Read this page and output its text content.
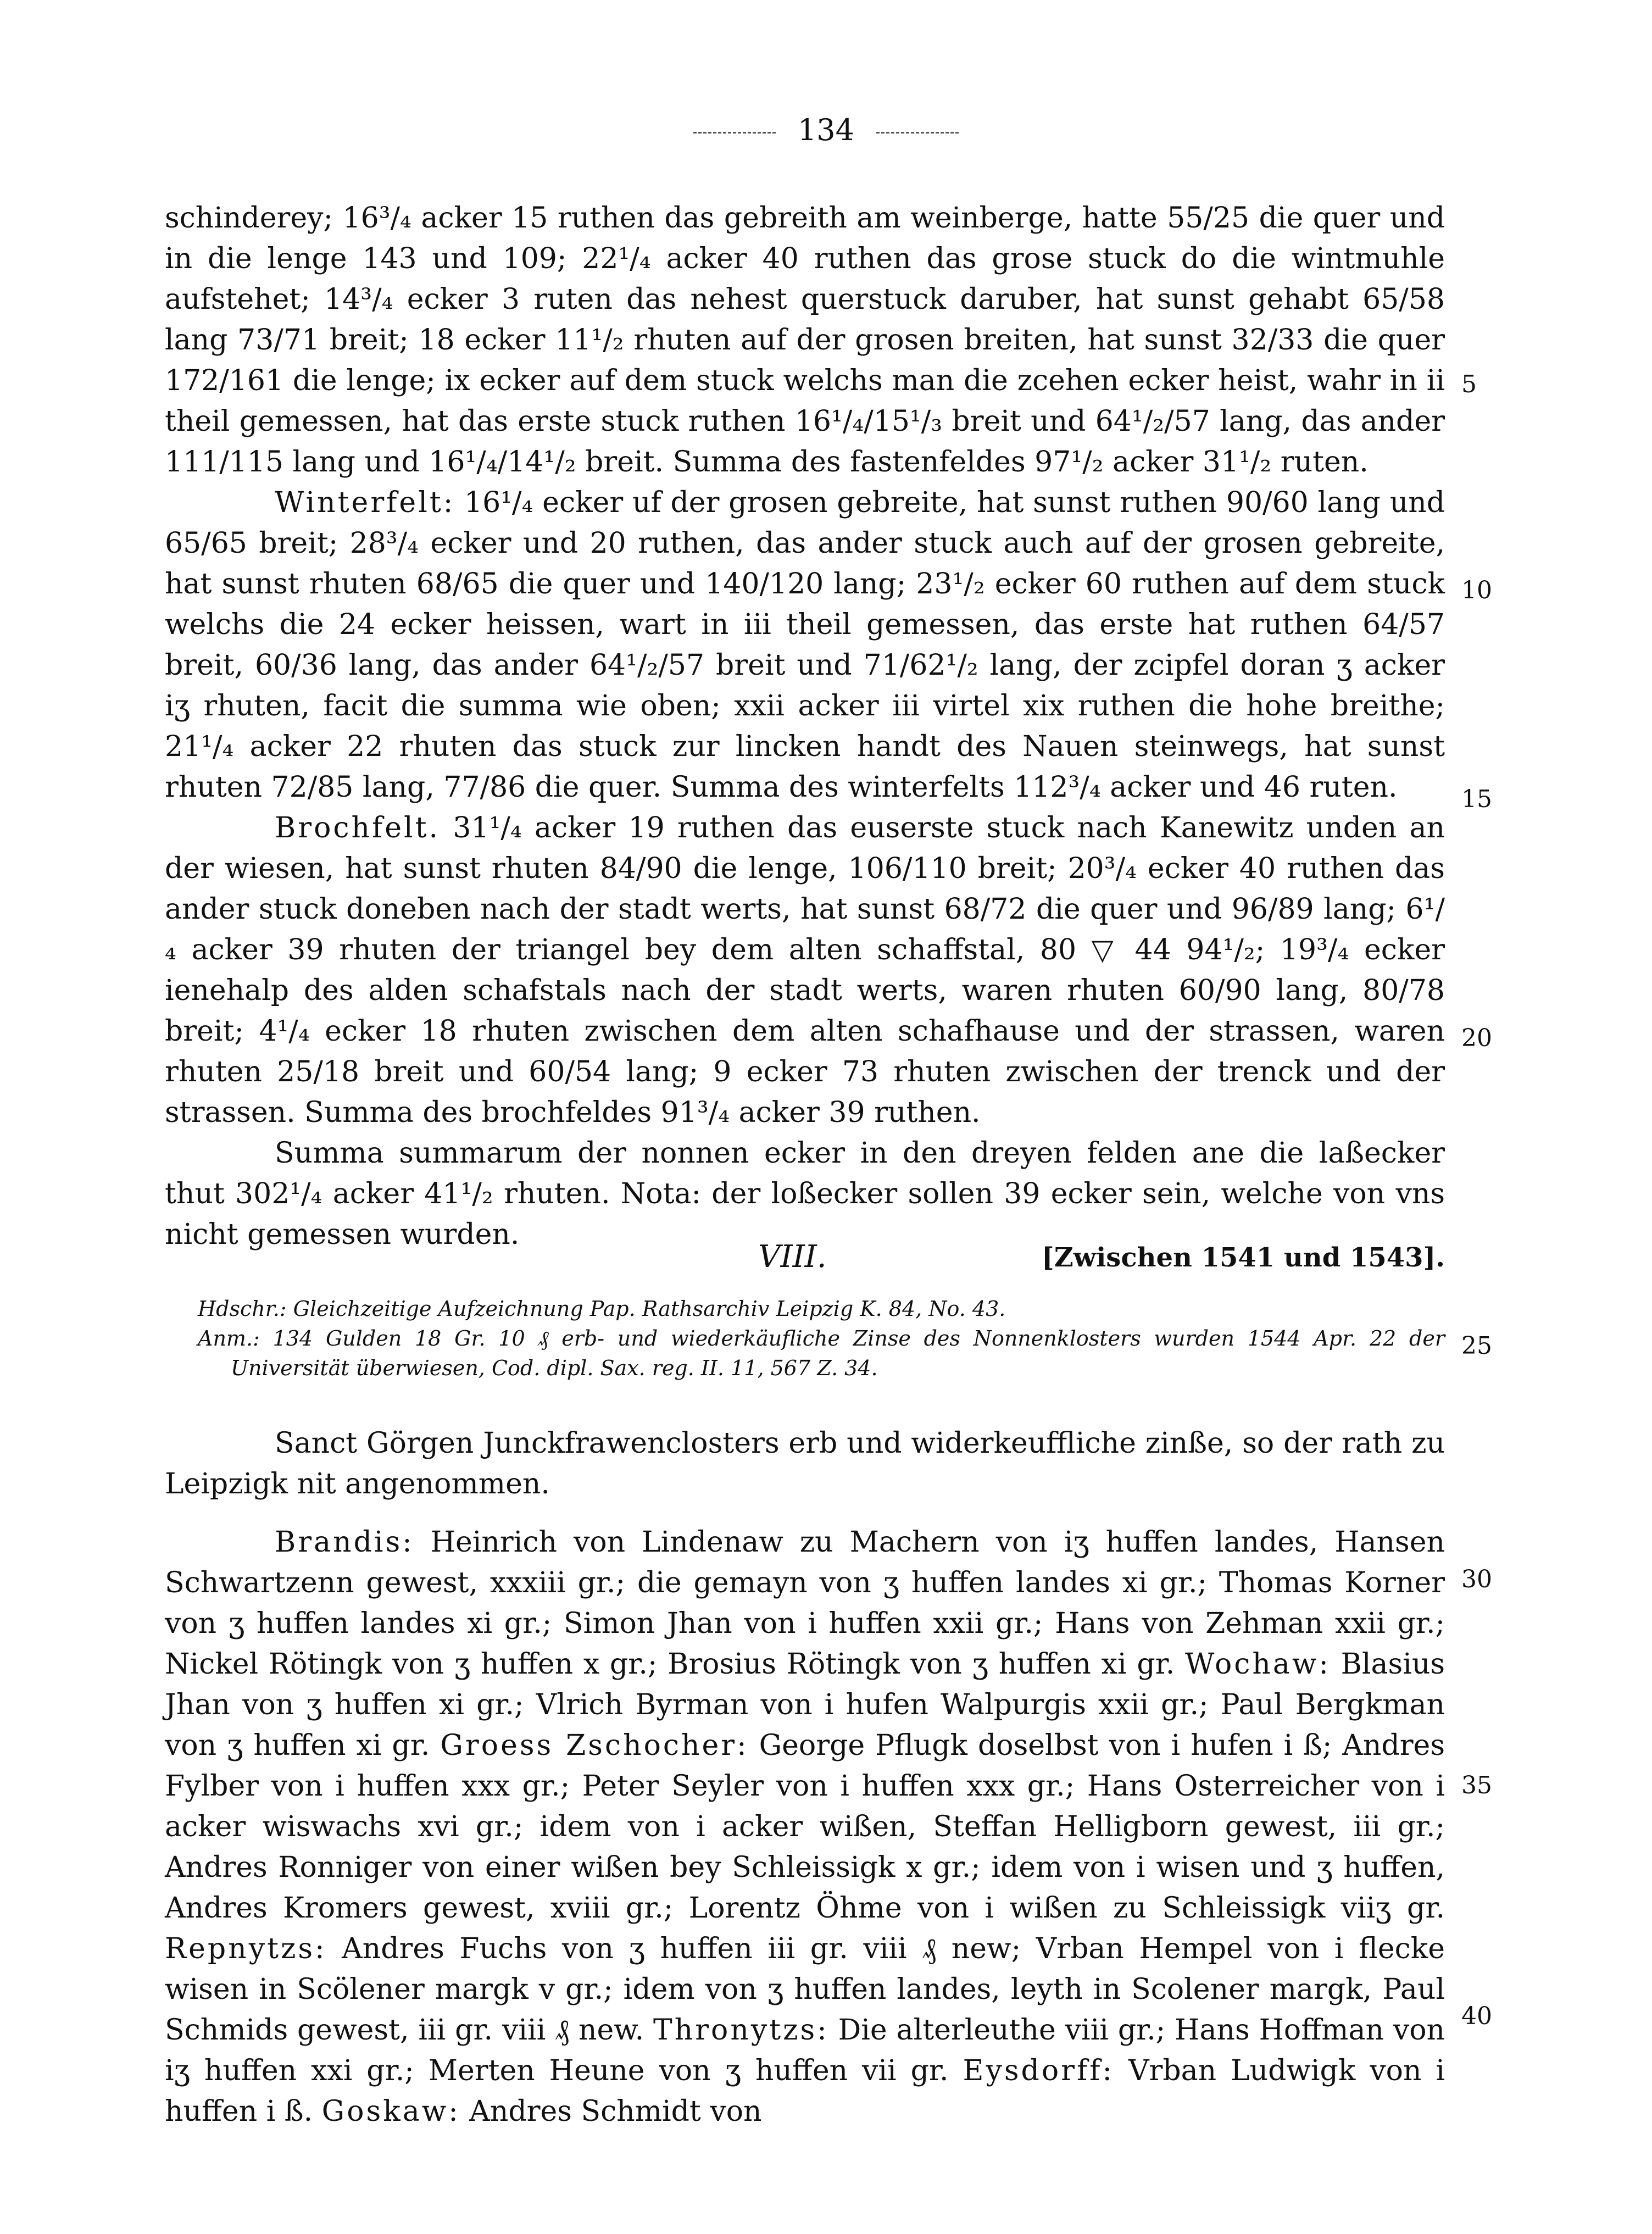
134

schinderey; 16³/₄ acker 15 ruthen das gebreith am weinberge, hatte 55/25 die quer und in die lenge 143 und 109; 22¹/₄ acker 40 ruthen das grose stuck do die wintmuhle aufstehet; 14³/₄ ecker 3 ruten das nehest querstuck daruber, hat sunst gehabt 65/58 lang 73/71 breit; 18 ecker 11¹/₂ rhuten auf der grosen breiten, hat sunst 32/33 die quer 172/161 die lenge; ix ecker auf dem stuck welchs man die zcehen ecker heist, wahr in ii theil gemessen, hat das erste stuck ruthen 16¹/₄/15¹/₃ breit und 64¹/₂/57 lang, das ander 111/115 lang und 16¹/₄/14¹/₂ breit. Summa des fastenfeldes 97¹/₂ acker 31¹/₂ ruten.

Winterfelt: 16¹/₄ ecker uf der grosen gebreite, hat sunst ruthen 90/60 lang und 65/65 breit; 28³/₄ ecker und 20 ruthen, das ander stuck auch auf der grosen gebreite, hat sunst rhuten 68/65 die quer und 140/120 lang; 23¹/₂ ecker 60 ruthen auf dem stuck welchs die 24 ecker heissen, wart in iii theil gemessen, das erste hat ruthen 64/57 breit, 60/36 lang, das ander 64¹/₂/57 breit und 71/62¹/₂ lang, der zcipfel doran ʒ acker iʒ rhuten, facit die summa wie oben; xxii acker iii virtel xix ruthen die hohe breithe; 21¹/₄ acker 22 rhuten das stuck zur lincken handt des Nauen steinwegs, hat sunst rhuten 72/85 lang, 77/86 die quer. Summa des winterfelts 112³/₄ acker und 46 ruten.

Brochfelt. 31¹/₄ acker 19 ruthen das euserste stuck nach Kanewitz unden an der wiesen, hat sunst rhuten 84/90 die lenge, 106/110 breit; 20³/₄ ecker 40 ruthen das ander stuck doneben nach der stadt werts, hat sunst 68/72 die quer und 96/89 lang; 6¹/₄ acker 39 rhuten der triangel bey dem alten schaffstal, 80 ▽ 44 94¹/₂; 19³/₄ ecker ienehalp des alden schafstals nach der stadt werts, waren rhuten 60/90 lang, 80/78 breit; 4¹/₄ ecker 18 rhuten zwischen dem alten schafhause und der strassen, waren rhuten 25/18 breit und 60/54 lang; 9 ecker 73 rhuten zwischen der trenck und der strassen. Summa des brochfeldes 91³/₄ acker 39 ruthen.

Summa summarum der nonnen ecker in den dreyen felden ane die laßecker thut 302¹/₄ acker 41¹/₂ rhuten. Nota: der loßecker sollen 39 ecker sein, welche von vns nicht gemessen wurden.

5
10
15
20
25
30
35
40
VIII.	[Zwischen 1541 und 1543].

Hdschr.: Gleichzeitige Aufzeichnung Pap. Rathsarchiv Leipzig K. 84, No. 43.

Anm.: 134 Gulden 18 Gr. 10 ₰ erb- und wiederkäufliche Zinse des Nonnenklosters wurden 1544 Apr. 22 der Universität überwiesen, Cod. dipl. Sax. reg. II. 11, 567 Z. 34.

Sanct Görgen Junckfrawenclosters erb und widerkeuffliche zinße, so der rath zu Leipzigk nit angenommen.

Brandis: Heinrich von Lindenaw zu Machern von iʒ huffen landes, Hansen Schwartzenn gewest, xxxiii gr.; die gemayn von ʒ huffen landes xi gr.; Thomas Korner von ʒ huffen landes xi gr.; Simon Jhan von i huffen xxii gr.; Hans von Zehman xxii gr.; Nickel Rötingk von ʒ huffen x gr.; Brosius Rötingk von ʒ huffen xi gr. Wochaw: Blasius Jhan von ʒ huffen xi gr.; Vlrich Byrman von i hufen Walpurgis xxii gr.; Paul Bergkman von ʒ huffen xi gr. Groess Zschocher: George Pflugk doselbst von i hufen i ß; Andres Fylber von i huffen xxx gr.; Peter Seyler von i huffen xxx gr.; Hans Osterreicher von i acker wiswachs xvi gr.; idem von i acker wißen, Steffan Helligborn gewest, iii gr.; Andres Ronniger von einer wißen bey Schleissigk x gr.; idem von i wisen und ʒ huffen, Andres Kromers gewest, xviii gr.; Lorentz Öhme von i wißen zu Schleissigk viiʒ gr. Repnytzs: Andres Fuchs von ʒ huffen iii gr. viii ₰ new; Vrban Hempel von i flecke wisen in Scölener margk v gr.; idem von ʒ huffen landes, leyth in Scolener margk, Paul Schmids gewest, iii gr. viii ₰ new. Thronytzs: Die alterleuthe viii gr.; Hans Hoffman von iʒ huffen xxi gr.; Merten Heune von ʒ huffen vii gr. Eysdorff: Vrban Ludwigk von i huffen i ß. Goskaw: Andres Schmidt von
